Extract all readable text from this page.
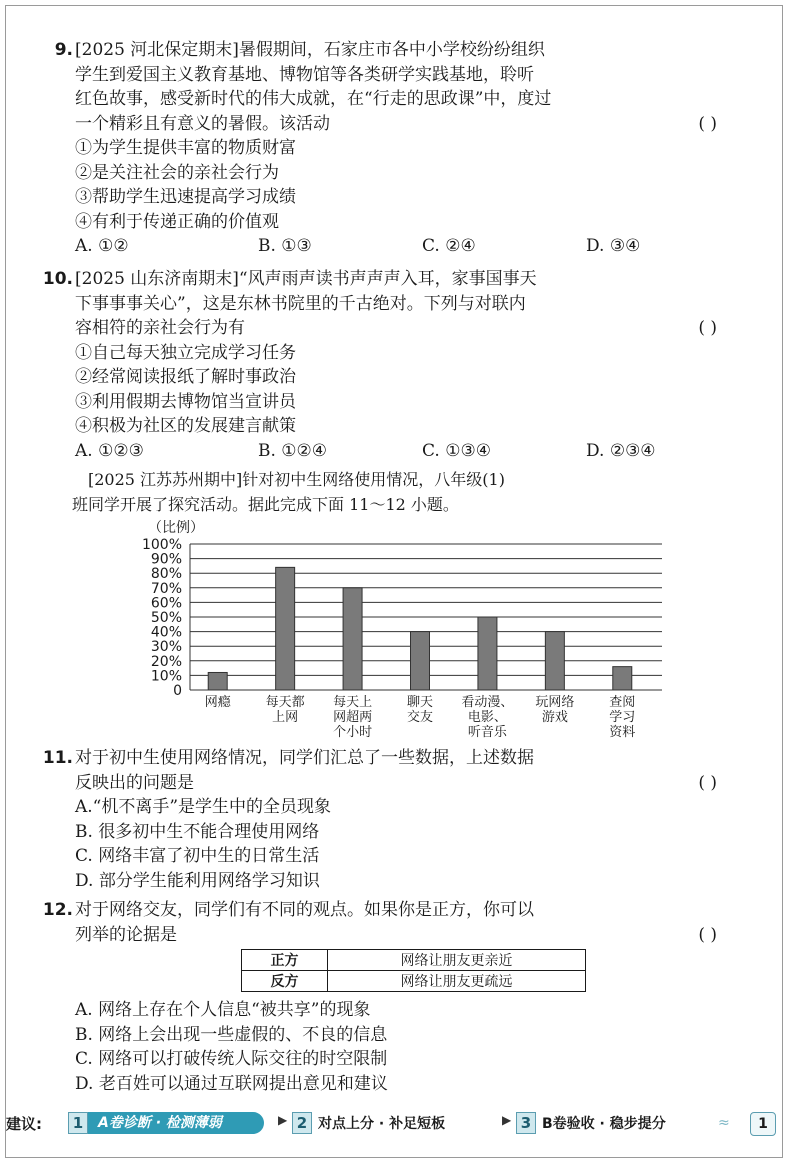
9. [2025 河北保定期末]暑假期间，石家庄市各中小学校纷纷组织
学生到爱国主义教育基地、博物馆等各类研学实践基地，聆听
红色故事，感受新时代的伟大成就，在“行走的思政课”中，度过
一个精彩且有意义的暑假。该活动	( )
①为学生提供丰富的物质财富
②是关注社会的亲社会行为
③帮助学生迅速提高学习成绩
④有利于传递正确的价值观
A. ①②	B. ①③	C. ②④	D. ③④
10. [2025 山东济南期末]“风声雨声读书声声声入耳，家事国事天
下事事事关心”，这是东林书院里的千古绝对。下列与对联内
容相符的亲社会行为有	( )
①自己每天独立完成学习任务
②经常阅读报纸了解时事政治
③利用假期去博物馆当宣讲员
④积极为社区的发展建言献策
A. ①②③	B. ①②④	C. ①③④	D. ②③④
　[2025 江苏苏州期中]针对初中生网络使用情况，八年级(1)
班同学开展了探究活动。据此完成下面 11～12 小题。
（比例）
100%
90%
80%
70%
60%
50%
40%
30%
20%
10%
0
网瘾	每天都
上网
每天上
网超两
个小时
聊天
交友
看动漫、
电影、
听音乐
玩网络
游戏
查阅
学习
资料
11. 对于初中生使用网络情况，同学们汇总了一些数据，上述数据
反映出的问题是	( )
A.“机不离手”是学生中的全员现象
B. 很多初中生不能合理使用网络
C. 网络丰富了初中生的日常生活
D. 部分学生能利用网络学习知识
12. 对于网络交友，同学们有不同的观点。如果你是正方，你可以
列举的论据是	( )
正方	网络让朋友更亲近
反方	网络让朋友更疏远
A. 网络上存在个人信息“被共享”的现象
B. 网络上会出现一些虚假的、不良的信息
C. 网络可以打破传统人际交往的时空限制
D. 老百姓可以通过互联网提出意见和建议
建议:	1	A卷诊断 · 检测薄弱	▶ 2 对点上分 · 补足短板	▶ 3 B卷验收 · 稳步提分	≈	1
